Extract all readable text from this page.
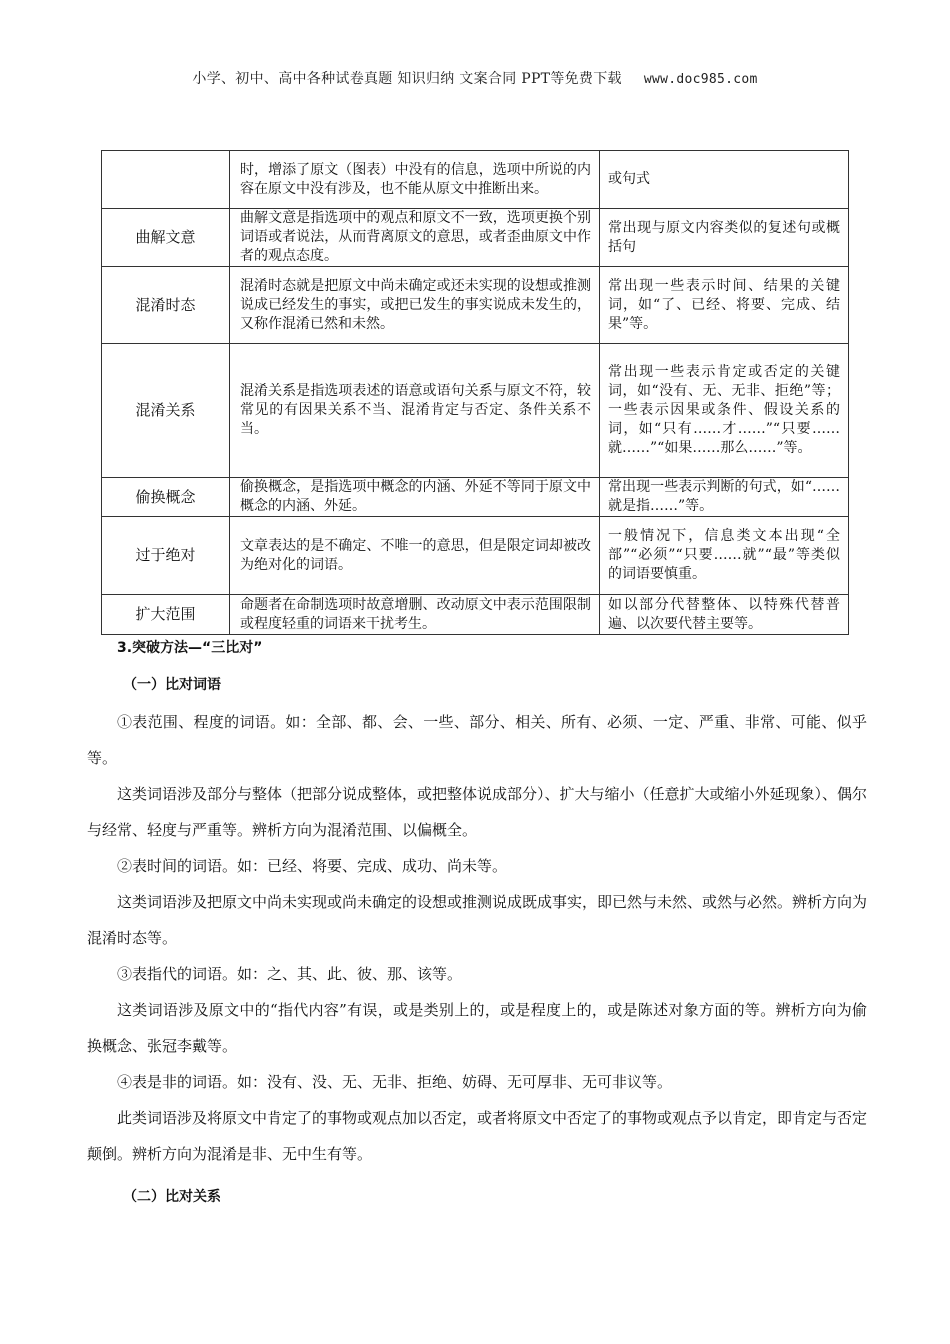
小学、初中、高中各种试卷真题 知识归纳 文案合同 PPT等免费下载 www.doc985.com
	时，增添了原文（图表）中没有的信息，选项中所说的内容在原文中没有涉及，也不能从原文中推断出来。	或句式
曲解文意	曲解文意是指选项中的观点和原文不一致，选项更换个别词语或者说法，从而背离原文的意思，或者歪曲原文中作者的观点态度。	常出现与原文内容类似的复述句或概括句
混淆时态	混淆时态就是把原文中尚未确定或还未实现的设想或推测说成已经发生的事实，或把已发生的事实说成未发生的，又称作混淆已然和未然。	常出现一些表示时间、结果的关键词，如“了、已经、将要、完成、结果”等。
混淆关系	混淆关系是指选项表述的语意或语句关系与原文不符，较常见的有因果关系不当、混淆肯定与否定、条件关系不当。	常出现一些表示肯定或否定的关键词，如“没有、无、无非、拒绝”等；一些表示因果或条件、假设关系的词，如“只有……才……”“只要……就……”“如果……那么……”等。
偷换概念	偷换概念，是指选项中概念的内涵、外延不等同于原文中概念的内涵、外延。	常出现一些表示判断的句式，如“……就是指……”等。
过于绝对	文章表达的是不确定、不唯一的意思，但是限定词却被改为绝对化的词语。	一般情况下，信息类文本出现“全部”“必须”“只要……就”“最”等类似的词语要慎重。
扩大范围	命题者在命制选项时故意增删、改动原文中表示范围限制或程度轻重的词语来干扰考生。	如以部分代替整体、以特殊代替普遍、以次要代替主要等。
3.突破方法—“三比对”
（一）比对词语

①表范围、程度的词语。如：全部、都、会、一些、部分、相关、所有、必须、一定、严重、非常、可能、似乎等。

这类词语涉及部分与整体（把部分说成整体，或把整体说成部分）、扩大与缩小（任意扩大或缩小外延现象）、偶尔与经常、轻度与严重等。辨析方向为混淆范围、以偏概全。

②表时间的词语。如：已经、将要、完成、成功、尚未等。

这类词语涉及把原文中尚未实现或尚未确定的设想或推测说成既成事实，即已然与未然、或然与必然。辨析方向为混淆时态等。

③表指代的词语。如：之、其、此、彼、那、该等。

这类词语涉及原文中的“指代内容”有误，或是类别上的，或是程度上的，或是陈述对象方面的等。辨析方向为偷换概念、张冠李戴等。

④表是非的词语。如：没有、没、无、无非、拒绝、妨碍、无可厚非、无可非议等。

此类词语涉及将原文中肯定了的事物或观点加以否定，或者将原文中否定了的事物或观点予以肯定，即肯定与否定颠倒。辨析方向为混淆是非、无中生有等。

（二）比对关系
